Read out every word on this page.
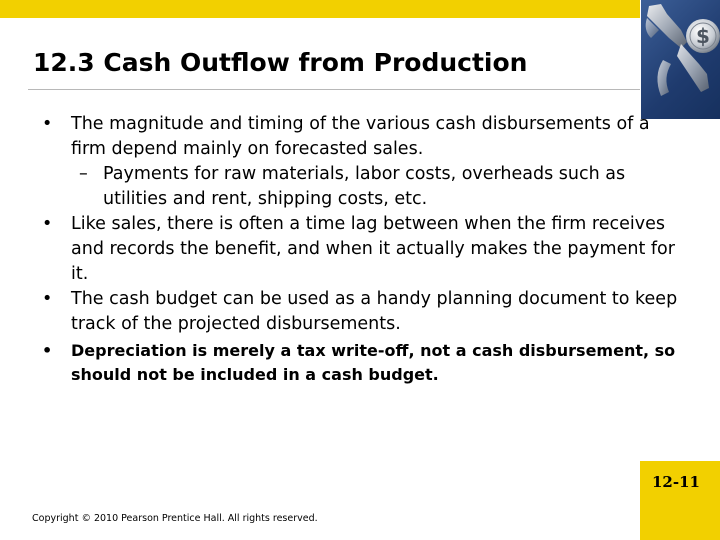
$
12.3 Cash Outflow from Production
• The magnitude and timing of the various cash disbursements of a firm depend mainly on forecasted sales.
– Payments for raw materials, labor costs, overheads such as utilities and rent, shipping costs, etc.
• Like sales, there is often a time lag between when the firm receives and records the benefit, and when it actually makes the payment for it.
• The cash budget can be used as a handy planning document to keep track of the projected disbursements.
• Depreciation is merely a tax write-off, not a cash disbursement, so should not be included in a cash budget.
Copyright © 2010 Pearson Prentice Hall. All rights reserved.
12-11
